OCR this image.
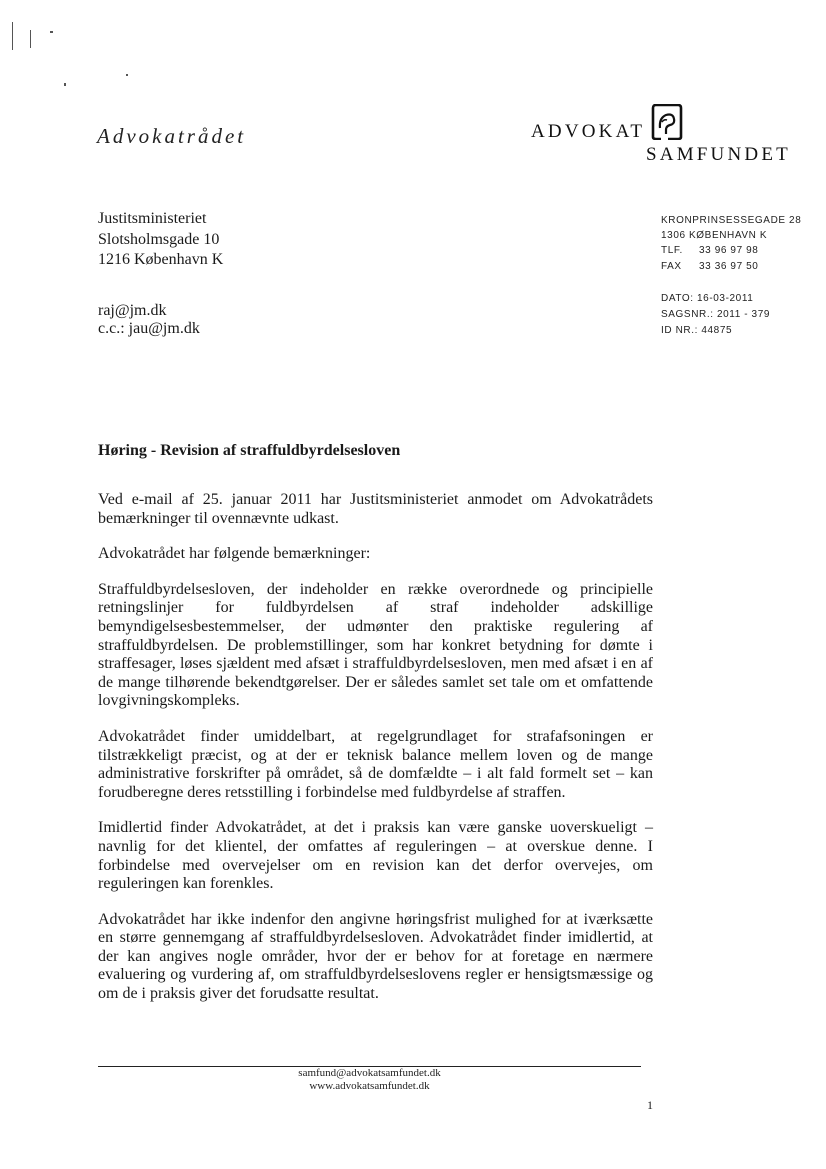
Advokatrådet	ADVOKAT
SAMFUNDET
Justitsministeriet
Slotsholmsgade 10
1216 København K
raj@jm.dk
c.c.: jau@jm.dk
KRONPRINSESSEGADE 28
1306 KØBENHAVN K
TLF.	33 96 97 98
FAX	33 36 97 50
DATO: 16-03-2011
SAGSNR.: 2011 - 379
ID NR.: 44875
Høring - Revision af straffuldbyrdelsesloven

Ved e-mail af 25. januar 2011 har Justitsministeriet anmodet om Advokatrådets bemærkninger til ovennævnte udkast.

Advokatrådet har følgende bemærkninger:

Straffuldbyrdelsesloven, der indeholder en række overordnede og principielle retningslinjer for fuldbyrdelsen af straf indeholder adskillige bemyndigelsesbestemmelser, der udmønter den praktiske regulering af straffuldbyrdelsen. De problemstillinger, som har konkret betydning for dømte i straffesager, løses sjældent med afsæt i straffuldbyrdelsesloven, men med afsæt i en af de mange tilhørende bekendtgørelser. Der er således samlet set tale om et omfattende lovgivningskompleks.

Advokatrådet finder umiddelbart, at regelgrundlaget for strafafsoningen er tilstrækkeligt præcist, og at der er teknisk balance mellem loven og de mange administrative forskrifter på området, så de domfældte – i alt fald formelt set – kan forudberegne deres retsstilling i forbindelse med fuldbyrdelse af straffen.

Imidlertid finder Advokatrådet, at det i praksis kan være ganske uoverskueligt – navnlig for det klientel, der omfattes af reguleringen – at overskue denne. I forbindelse med overvejelser om en revision kan det derfor overvejes, om reguleringen kan forenkles.

Advokatrådet har ikke indenfor den angivne høringsfrist mulighed for at iværksætte en større gennemgang af straffuldbyrdelsesloven. Advokatrådet finder imidlertid, at der kan angives nogle områder, hvor der er behov for at foretage en nærmere evaluering og vurdering af, om straffuldbyrdelseslovens regler er hensigtsmæssige og om de i praksis giver det forudsatte resultat.

samfund@advokatsamfundet.dk
www.advokatsamfundet.dk
1
